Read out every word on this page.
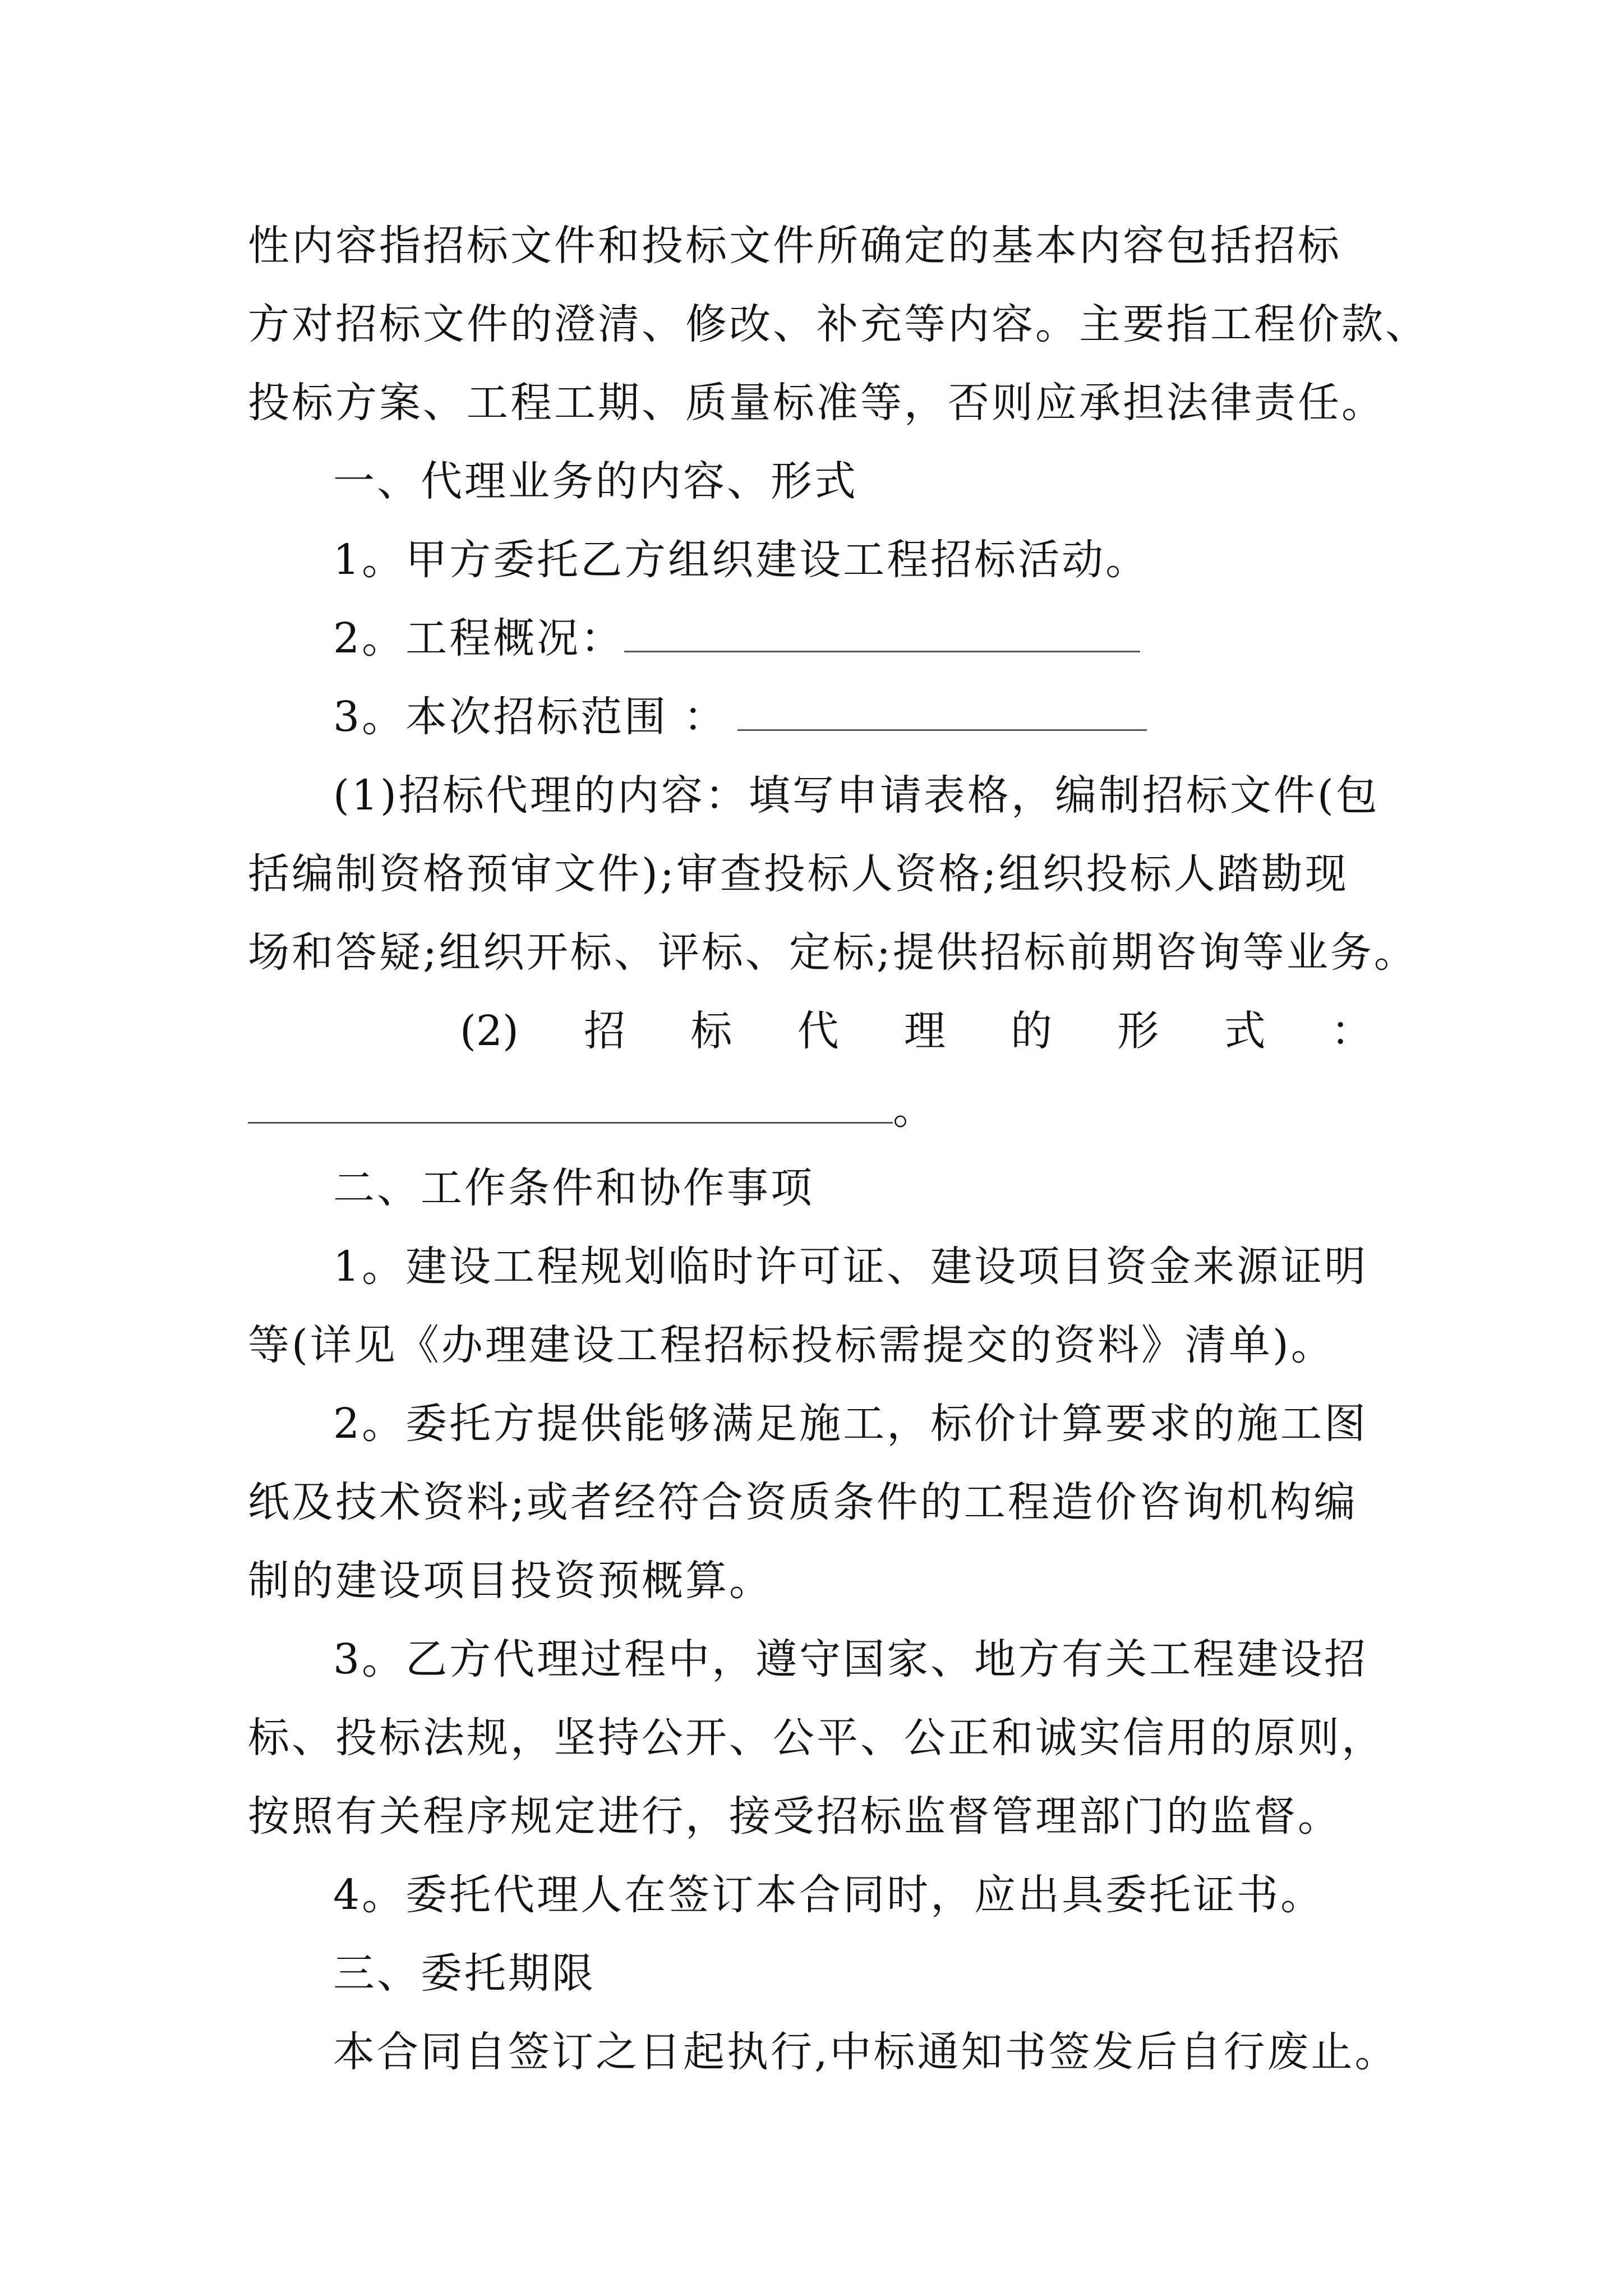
性内容指招标文件和投标文件所确定的基本内容包括招标
方对招标文件的澄清、修改、补充等内容。主要指工程价款、
投标方案、工程工期、质量标准等，否则应承担法律责任。
一、代理业务的内容、形式
1。甲方委托乙方组织建设工程招标活动。
2。工程概况：
3。本次招标范围 ：
(1)招标代理的内容：填写申请表格，编制招标文件(包
括编制资格预审文件);审查投标人资格;组织投标人踏勘现
场和答疑;组织开标、评标、定标;提供招标前期咨询等业务。
(2) 招 标 代 理 的 形 式 ：
。
二、工作条件和协作事项
1。建设工程规划临时许可证、建设项目资金来源证明
等(详见《办理建设工程招标投标需提交的资料》清单)。
2。委托方提供能够满足施工，标价计算要求的施工图
纸及技术资料;或者经符合资质条件的工程造价咨询机构编
制的建设项目投资预概算。
3。乙方代理过程中，遵守国家、地方有关工程建设招
标、投标法规，坚持公开、公平、公正和诚实信用的原则，
按照有关程序规定进行，接受招标监督管理部门的监督。
4。委托代理人在签订本合同时，应出具委托证书。
三、委托期限
本合同自签订之日起执行,中标通知书签发后自行废止。
